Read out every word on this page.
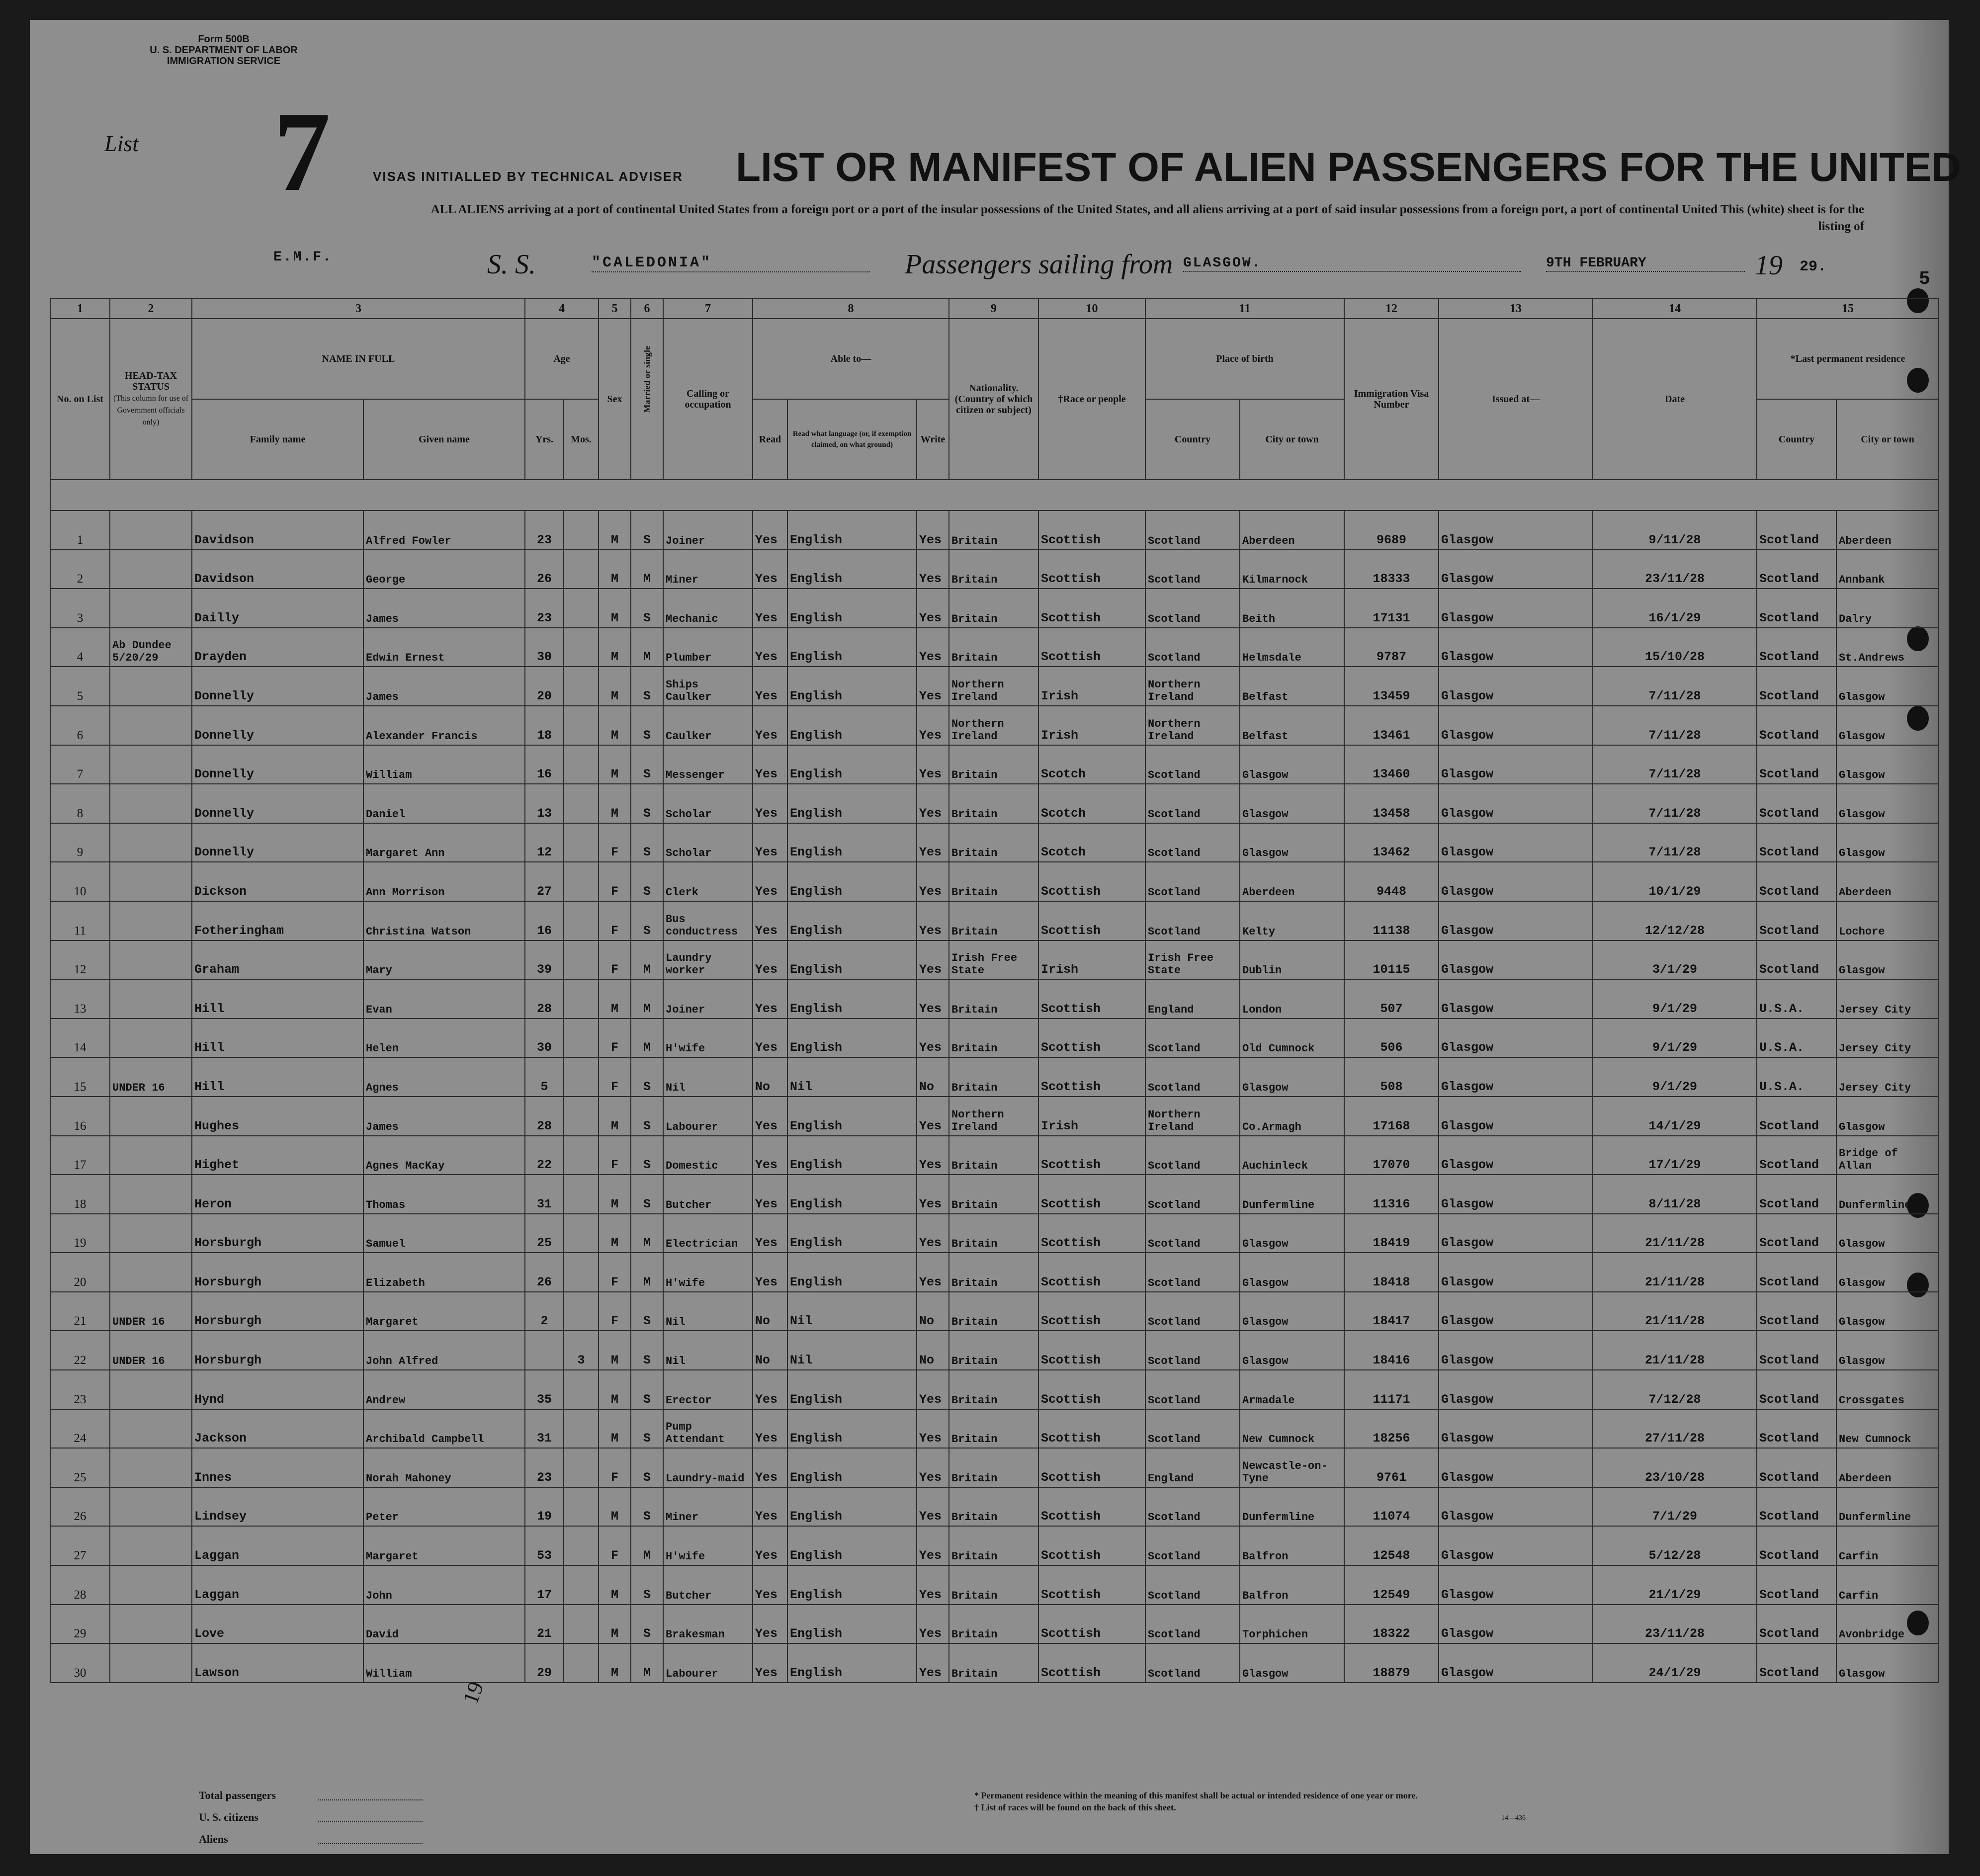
Form 500B
U. S. DEPARTMENT OF LABOR
IMMIGRATION SERVICE
List 7	VISAS INITIALLED BY TECHNICAL ADVISER LIST OR MANIFEST OF ALIEN PASSENGERS FOR THE UNITED
ALL ALIENS arriving at a port of continental United States from a foreign port or a port of the insular possessions of the United States, and all aliens arriving at a port of said insular possessions from a foreign port, a port of continental United This (white) sheet is for the listing of
E.M.F.	S. S.	"CALEDONIA"	Passengers sailing from GLASGOW.	9TH FEBRUARY	19 29.
5
1	2	3		4		5	6	7	8			9	10	11		12	13	14	15	
No. on List	HEAD-TAX STATUS
(This column for use of Government officials only)	NAME IN FULL		Age		Sex	Married or single	Calling or occupation	Able to—			Nationality. (Country of which citizen or subject)	†Race or people	Place of birth		Immigration Visa Number	Issued at—	Date	*Last permanent residence	
		Family name	Given name	Yrs.	Mos.				Read	Read what language (or, if exemption claimed, on what ground)	Write			Country	City or town				Country	City or town

1		Davidson	Alfred Fowler	23		M	S	Joiner	Yes	English	Yes	Britain	Scottish	Scotland	Aberdeen	9689	Glasgow	9/11/28	Scotland	Aberdeen
2		Davidson	George	26		M	M	Miner	Yes	English	Yes	Britain	Scottish	Scotland	Kilmarnock	18333	Glasgow	23/11/28	Scotland	Annbank
3		Dailly	James	23		M	S	Mechanic	Yes	English	Yes	Britain	Scottish	Scotland	Beith	17131	Glasgow	16/1/29	Scotland	Dalry
4	Ab Dundee 5/20/29	Drayden	Edwin Ernest	30		M	M	Plumber	Yes	English	Yes	Britain	Scottish	Scotland	Helmsdale	9787	Glasgow	15/10/28	Scotland	St.Andrews
5		Donnelly	James	20		M	S	Ships Caulker	Yes	English	Yes	Northern Ireland	Irish	Northern Ireland	Belfast	13459	Glasgow	7/11/28	Scotland	Glasgow
6		Donnelly	Alexander Francis	18		M	S	Caulker	Yes	English	Yes	Northern Ireland	Irish	Northern Ireland	Belfast	13461	Glasgow	7/11/28	Scotland	Glasgow
7		Donnelly	William	16		M	S	Messenger	Yes	English	Yes	Britain	Scotch	Scotland	Glasgow	13460	Glasgow	7/11/28	Scotland	Glasgow
8		Donnelly	Daniel	13		M	S	Scholar	Yes	English	Yes	Britain	Scotch	Scotland	Glasgow	13458	Glasgow	7/11/28	Scotland	Glasgow
9		Donnelly	Margaret Ann	12		F	S	Scholar	Yes	English	Yes	Britain	Scotch	Scotland	Glasgow	13462	Glasgow	7/11/28	Scotland	Glasgow
10		Dickson	Ann Morrison	27		F	S	Clerk	Yes	English	Yes	Britain	Scottish	Scotland	Aberdeen	9448	Glasgow	10/1/29	Scotland	Aberdeen
11		Fotheringham	Christina Watson	16		F	S	Bus conductress	Yes	English	Yes	Britain	Scottish	Scotland	Kelty	11138	Glasgow	12/12/28	Scotland	Lochore
12		Graham	Mary	39		F	M	Laundry worker	Yes	English	Yes	Irish Free State	Irish	Irish Free State	Dublin	10115	Glasgow	3/1/29	Scotland	Glasgow
13		Hill	Evan	28		M	M	Joiner	Yes	English	Yes	Britain	Scottish	England	London	507	Glasgow	9/1/29	U.S.A.	Jersey City
14		Hill	Helen	30		F	M	H'wife	Yes	English	Yes	Britain	Scottish	Scotland	Old Cumnock	506	Glasgow	9/1/29	U.S.A.	Jersey City
15	UNDER 16	Hill	Agnes	5		F	S	Nil	No	Nil	No	Britain	Scottish	Scotland	Glasgow	508	Glasgow	9/1/29	U.S.A.	Jersey City
16		Hughes	James	28		M	S	Labourer	Yes	English	Yes	Northern Ireland	Irish	Northern Ireland	Co.Armagh	17168	Glasgow	14/1/29	Scotland	Glasgow
17		Highet	Agnes MacKay	22		F	S	Domestic	Yes	English	Yes	Britain	Scottish	Scotland	Auchinleck	17070	Glasgow	17/1/29	Scotland	Bridge of Allan
18		Heron	Thomas	31		M	S	Butcher	Yes	English	Yes	Britain	Scottish	Scotland	Dunfermline	11316	Glasgow	8/11/28	Scotland	Dunfermline
19		Horsburgh	Samuel	25		M	M	Electrician	Yes	English	Yes	Britain	Scottish	Scotland	Glasgow	18419	Glasgow	21/11/28	Scotland	Glasgow
20		Horsburgh	Elizabeth	26		F	M	H'wife	Yes	English	Yes	Britain	Scottish	Scotland	Glasgow	18418	Glasgow	21/11/28	Scotland	Glasgow
21	UNDER 16	Horsburgh	Margaret	2		F	S	Nil	No	Nil	No	Britain	Scottish	Scotland	Glasgow	18417	Glasgow	21/11/28	Scotland	Glasgow
22	UNDER 16	Horsburgh	John Alfred		3	M	S	Nil	No	Nil	No	Britain	Scottish	Scotland	Glasgow	18416	Glasgow	21/11/28	Scotland	Glasgow
23		Hynd	Andrew	35		M	S	Erector	Yes	English	Yes	Britain	Scottish	Scotland	Armadale	11171	Glasgow	7/12/28	Scotland	Crossgates
24		Jackson	Archibald Campbell	31		M	S	Pump Attendant	Yes	English	Yes	Britain	Scottish	Scotland	New Cumnock	18256	Glasgow	27/11/28	Scotland	New Cumnock
25		Innes	Norah Mahoney	23		F	S	Laundry-maid	Yes	English	Yes	Britain	Scottish	England	Newcastle-on-Tyne	9761	Glasgow	23/10/28	Scotland	Aberdeen
26		Lindsey	Peter	19		M	S	Miner	Yes	English	Yes	Britain	Scottish	Scotland	Dunfermline	11074	Glasgow	7/1/29	Scotland	Dunfermline
27		Laggan	Margaret	53		F	M	H'wife	Yes	English	Yes	Britain	Scottish	Scotland	Balfron	12548	Glasgow	5/12/28	Scotland	Carfin
28		Laggan	John	17		M	S	Butcher	Yes	English	Yes	Britain	Scottish	Scotland	Balfron	12549	Glasgow	21/1/29	Scotland	Carfin
29		Love	David	21		M	S	Brakesman	Yes	English	Yes	Britain	Scottish	Scotland	Torphichen	18322	Glasgow	23/11/28	Scotland	Avonbridge
30		Lawson	William	29		M	M	Labourer	Yes	English	Yes	Britain	Scottish	Scotland	Glasgow	18879	Glasgow	24/1/29	Scotland	Glasgow
19
Total passengers
U. S. citizens
Aliens
* Permanent residence within the meaning of this manifest shall be actual or intended residence of one year or more.
† List of races will be found on the back of this sheet.
14—436
